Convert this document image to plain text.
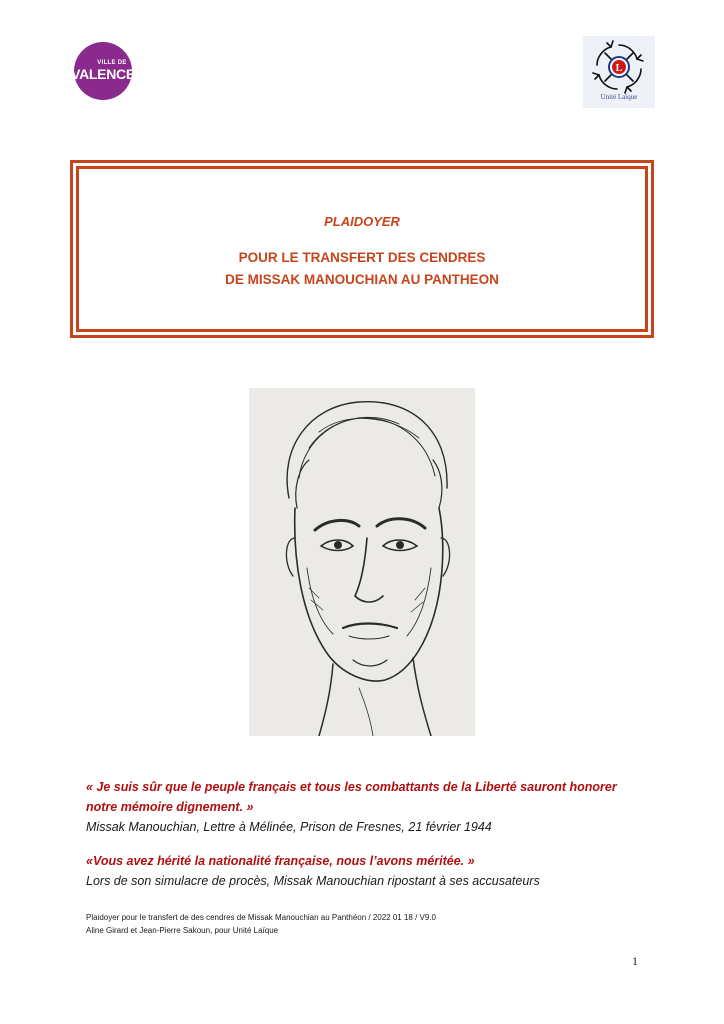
VILLE DE
VALENCE	L
Unité Laïque
PLAIDOYER
POUR LE TRANSFERT DES CENDRES
DE MISSAK MANOUCHIAN AU PANTHEON
« Je suis sûr que le peuple français et tous les combattants de la Liberté sauront honorer notre mémoire dignement. »
Missak Manouchian, Lettre à Mélinée, Prison de Fresnes, 21 février 1944
«Vous avez hérité la nationalité française, nous l’avons méritée. »
Lors de son simulacre de procès, Missak Manouchian ripostant à ses accusateurs
Plaidoyer pour le transfert de des cendres de Missak Manouchian au Panthéon / 2022 01 18 / V9.0
Aline Girard et Jean-Pierre Sakoun, pour Unité Laïque
1
